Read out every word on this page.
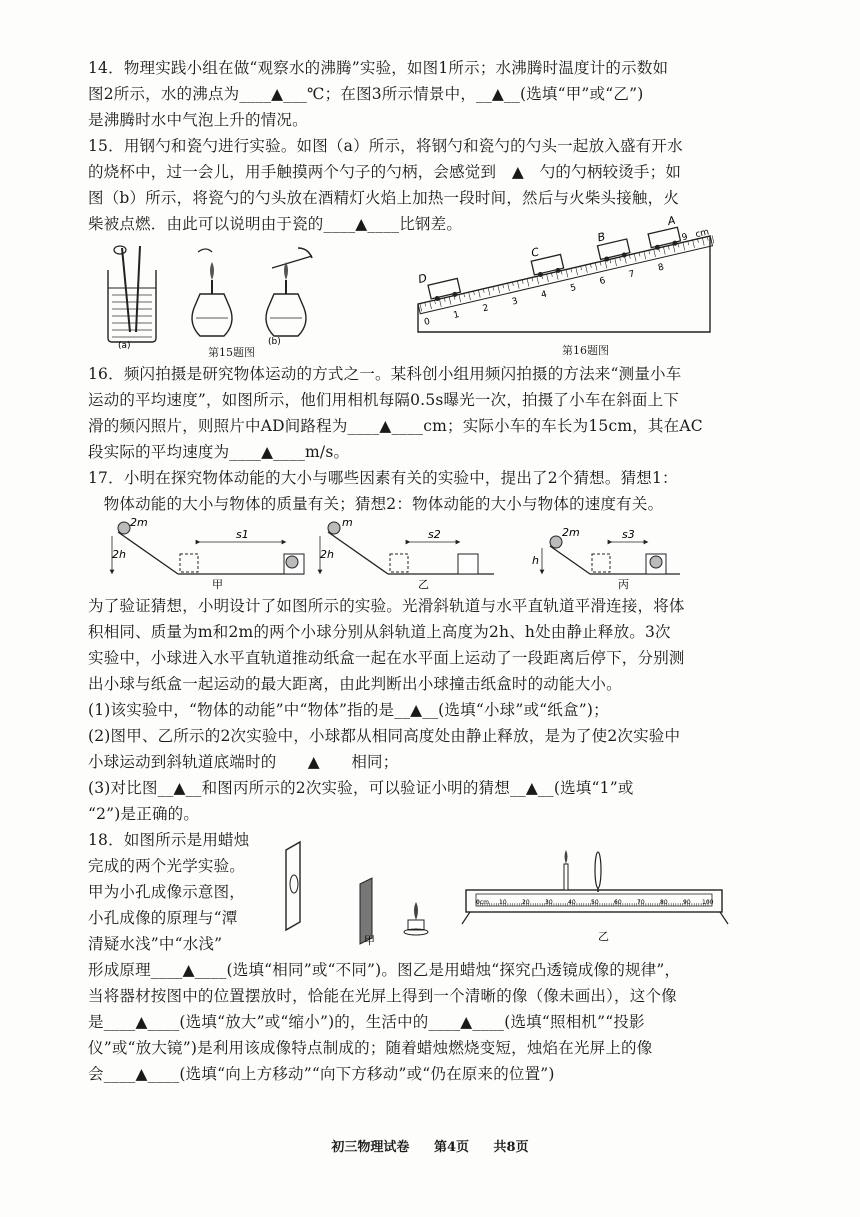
14．物理实践小组在做“观察水的沸腾”实验，如图1所示；水沸腾时温度计的示数如
图2所示，水的沸点为____▲___℃；在图3所示情景中，__▲__(选填“甲”或“乙”)
是沸腾时水中气泡上升的情况。
15．用钢勺和瓷勺进行实验。如图（a）所示，将钢勺和瓷勺的勺头一起放入盛有开水
的烧杯中，过一会儿，用手触摸两个勺子的勺柄，会感觉到　▲　勺的勺柄较烫手；如
图（b）所示，将瓷勺的勺头放在酒精灯火焰上加热一段时间，然后与火柴头接触，火
柴被点燃．由此可以说明由于瓷的____▲____比钢差。
(a)	(b)
第15题图
0
1
2
3
4
5
6
7
8
9 cm
D
C
B
A
第16题图
16．频闪拍摄是研究物体运动的方式之一。某科创小组用频闪拍摄的方法来“测量小车
运动的平均速度”，如图所示，他们用相机每隔0.5s曝光一次，拍摄了小车在斜面上下
滑的频闪照片，则照片中AD间路程为____▲____cm；实际小车的车长为15cm，其在AC
段实际的平均速度为____▲____m/s。
17．小明在探究物体动能的大小与哪些因素有关的实验中，提出了2个猜想。猜想1：
　物体动能的大小与物体的质量有关；猜想2：物体动能的大小与物体的速度有关。
2m
2h
s1
甲
m
2h
s2
乙
2m
h
s3
丙
为了验证猜想，小明设计了如图所示的实验。光滑斜轨道与水平直轨道平滑连接，将体
积相同、质量为m和2m的两个小球分别从斜轨道上高度为2h、h处由静止释放。3次
实验中，小球进入水平直轨道推动纸盒一起在水平面上运动了一段距离后停下，分别测
出小球与纸盒一起运动的最大距离，由此判断出小球撞击纸盒时的动能大小。
(1)该实验中，“物体的动能”中“物体”指的是__▲__(选填“小球”或“纸盒”)；
(2)图甲、乙所示的2次实验中，小球都从相同高度处由静止释放，是为了使2次实验中
小球运动到斜轨道底端时的　　▲　　相同；
(3)对比图__▲__和图丙所示的2次实验，可以验证小明的猜想__▲__(选填“1”或
“2”)是正确的。
18．如图所示是用蜡烛
完成的两个光学实验。
甲为小孔成像示意图，
小孔成像的原理与“潭
清疑水浅”中“水浅”	甲
0cm 10	20	30	40	50	60	70	80	90 100
乙
形成原理____▲____(选填“相同”或“不同”)。图乙是用蜡烛“探究凸透镜成像的规律”，
当将器材按图中的位置摆放时，恰能在光屏上得到一个清晰的像（像未画出），这个像
是____▲____(选填“放大”或“缩小”)的，生活中的____▲____(选填“照相机”“投影
仪”或“放大镜”)是利用该成像特点制成的；随着蜡烛燃烧变短，烛焰在光屏上的像
会____▲____(选填“向上方移动”“向下方移动”或“仍在原来的位置”)
初三物理试卷 第4页 共8页
